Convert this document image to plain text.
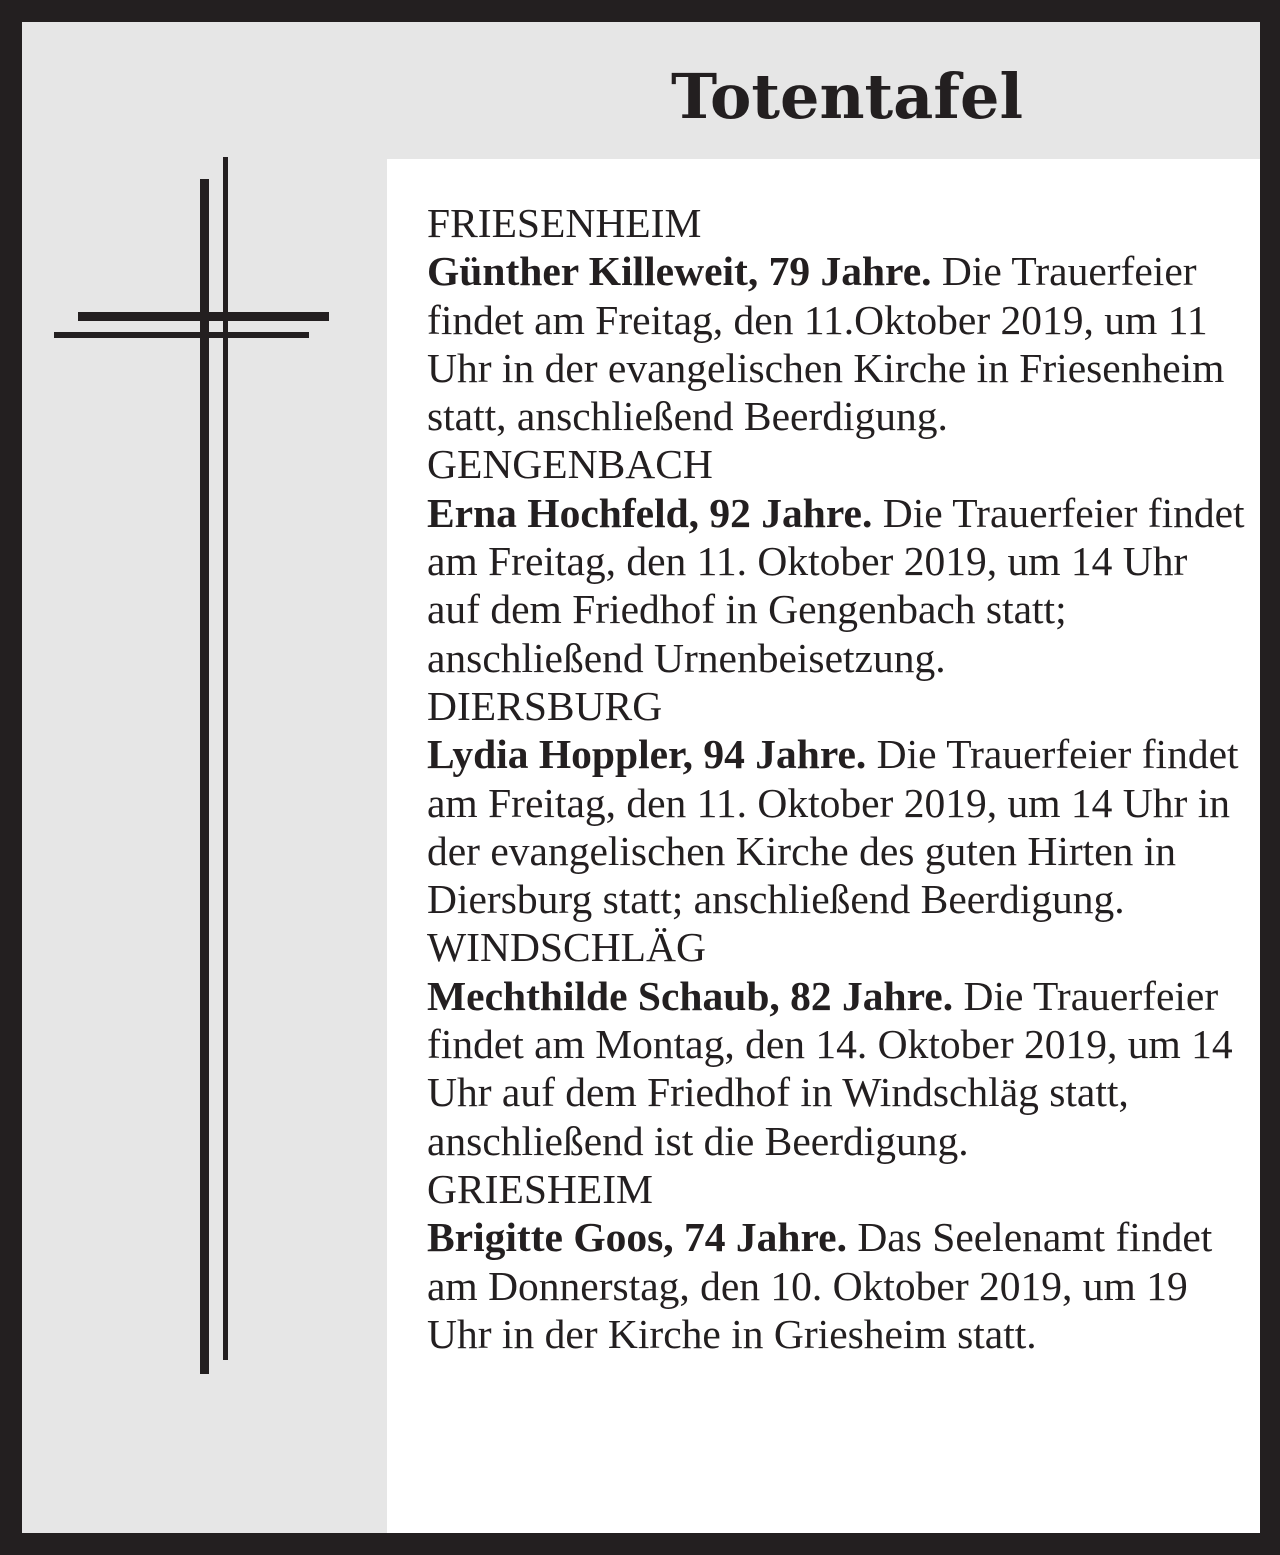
Totentafel
FRIESENHEIM

Günther Killeweit, 79 Jahre. Die Trauerfeier findet am Freitag, den 11.Oktober 2019, um 11 Uhr in der evangelischen Kirche in Friesenheim statt, anschließend Beerdigung.

GENGENBACH

Erna Hochfeld, 92 Jahre. Die Trauerfeier findet am Freitag, den 11. Oktober 2019, um 14 Uhr auf dem Friedhof in Gengenbach statt; anschließend Urnenbeisetzung.

DIERSBURG

Lydia Hoppler, 94 Jahre. Die Trauerfeier findet am Freitag, den 11. Oktober 2019, um 14 Uhr in der evangelischen Kirche des guten Hirten in Diersburg statt; anschließend Beerdigung.

WINDSCHLÄG

Mechthilde Schaub, 82 Jahre. Die Trauerfeier findet am Montag, den 14. Oktober 2019, um 14 Uhr auf dem Friedhof in Windschläg statt, anschließend ist die Beerdigung.

GRIESHEIM

Brigitte Goos, 74 Jahre. Das Seelenamt findet am Donnerstag, den 10. Oktober 2019, um 19 Uhr in der Kirche in Griesheim statt.
